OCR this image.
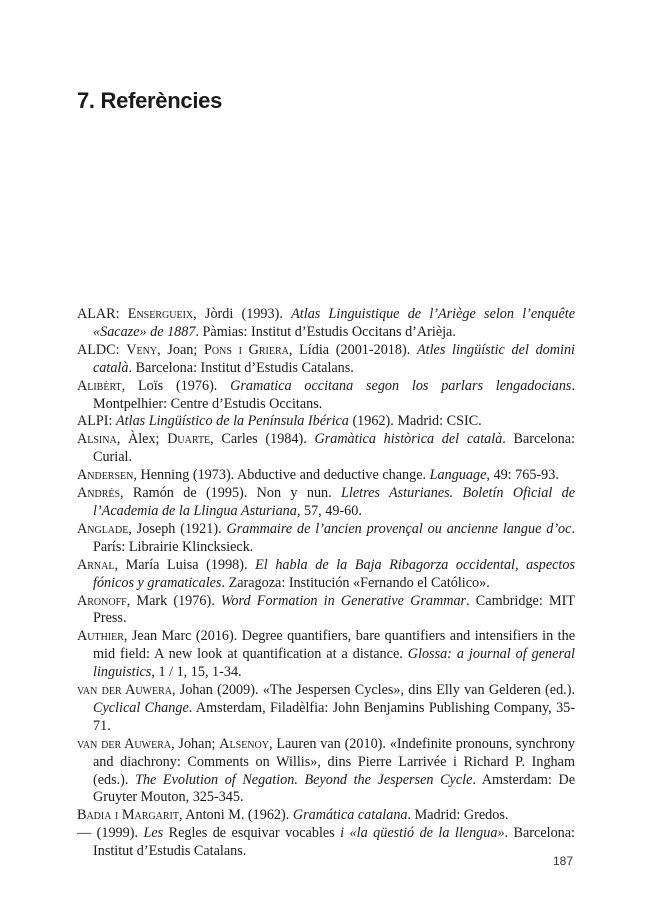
7. Referències

ALAR: Ensergueix, Jòrdi (1993). Atlas Linguistique de l’Ariège selon l’enquête «Sacaze» de 1887. Pàmias: Institut d’Estudis Occitans d’Arièja.

ALDC: Veny, Joan; Pons i Griera, Lídia (2001-2018). Atles lingüístic del domini català. Barcelona: Institut d’Estudis Catalans.

Alibèrt, Loïs (1976). Gramatica occitana segon los parlars lengadocians. Montpelhier: Centre d’Estudis Occitans.

ALPI: Atlas Lingüístico de la Península Ibérica (1962). Madrid: CSIC.

Alsina, Àlex; Duarte, Carles (1984). Gramàtica històrica del català. Barcelona: Curial.

Andersen, Henning (1973). Abductive and deductive change. Language, 49: 765-93.

Andrés, Ramón de (1995). Non y nun. Lletres Asturianes. Boletín Oficial de l’Academia de la Llingua Asturiana, 57, 49-60.

Anglade, Joseph (1921). Grammaire de l’ancien provençal ou ancienne langue d’oc. París: Librairie Klincksieck.

Arnal, María Luisa (1998). El habla de la Baja Ribagorza occidental, aspectos fónicos y gramaticales. Zaragoza: Institución «Fernando el Católico».

Aronoff, Mark (1976). Word Formation in Generative Grammar. Cambridge: MIT Press.

Authier, Jean Marc (2016). Degree quantifiers, bare quantifiers and intensifiers in the mid field: A new look at quantification at a distance. Glossa: a journal of general linguistics, 1 / 1, 15, 1-34.

van der Auwera, Johan (2009). «The Jespersen Cycles», dins Elly van Gelderen (ed.). Cyclical Change. Amsterdam, Filadèlfia: John Benjamins Publishing Company, 35-71.

van der Auwera, Johan; Alsenoy, Lauren van (2010). «Indefinite pronouns, synchrony and diachrony: Comments on Willis», dins Pierre Larrivée i Richard P. Ingham (eds.). The Evolution of Negation. Beyond the Jespersen Cycle. Amsterdam: De Gruyter Mouton, 325-345.

Badia i Margarit, Antoni M. (1962). Gramática catalana. Madrid: Gredos.

— (1999). Les Regles de esquivar vocables i «la qüestió de la llengua». Barcelona: Institut d’Estudis Catalans.

187
